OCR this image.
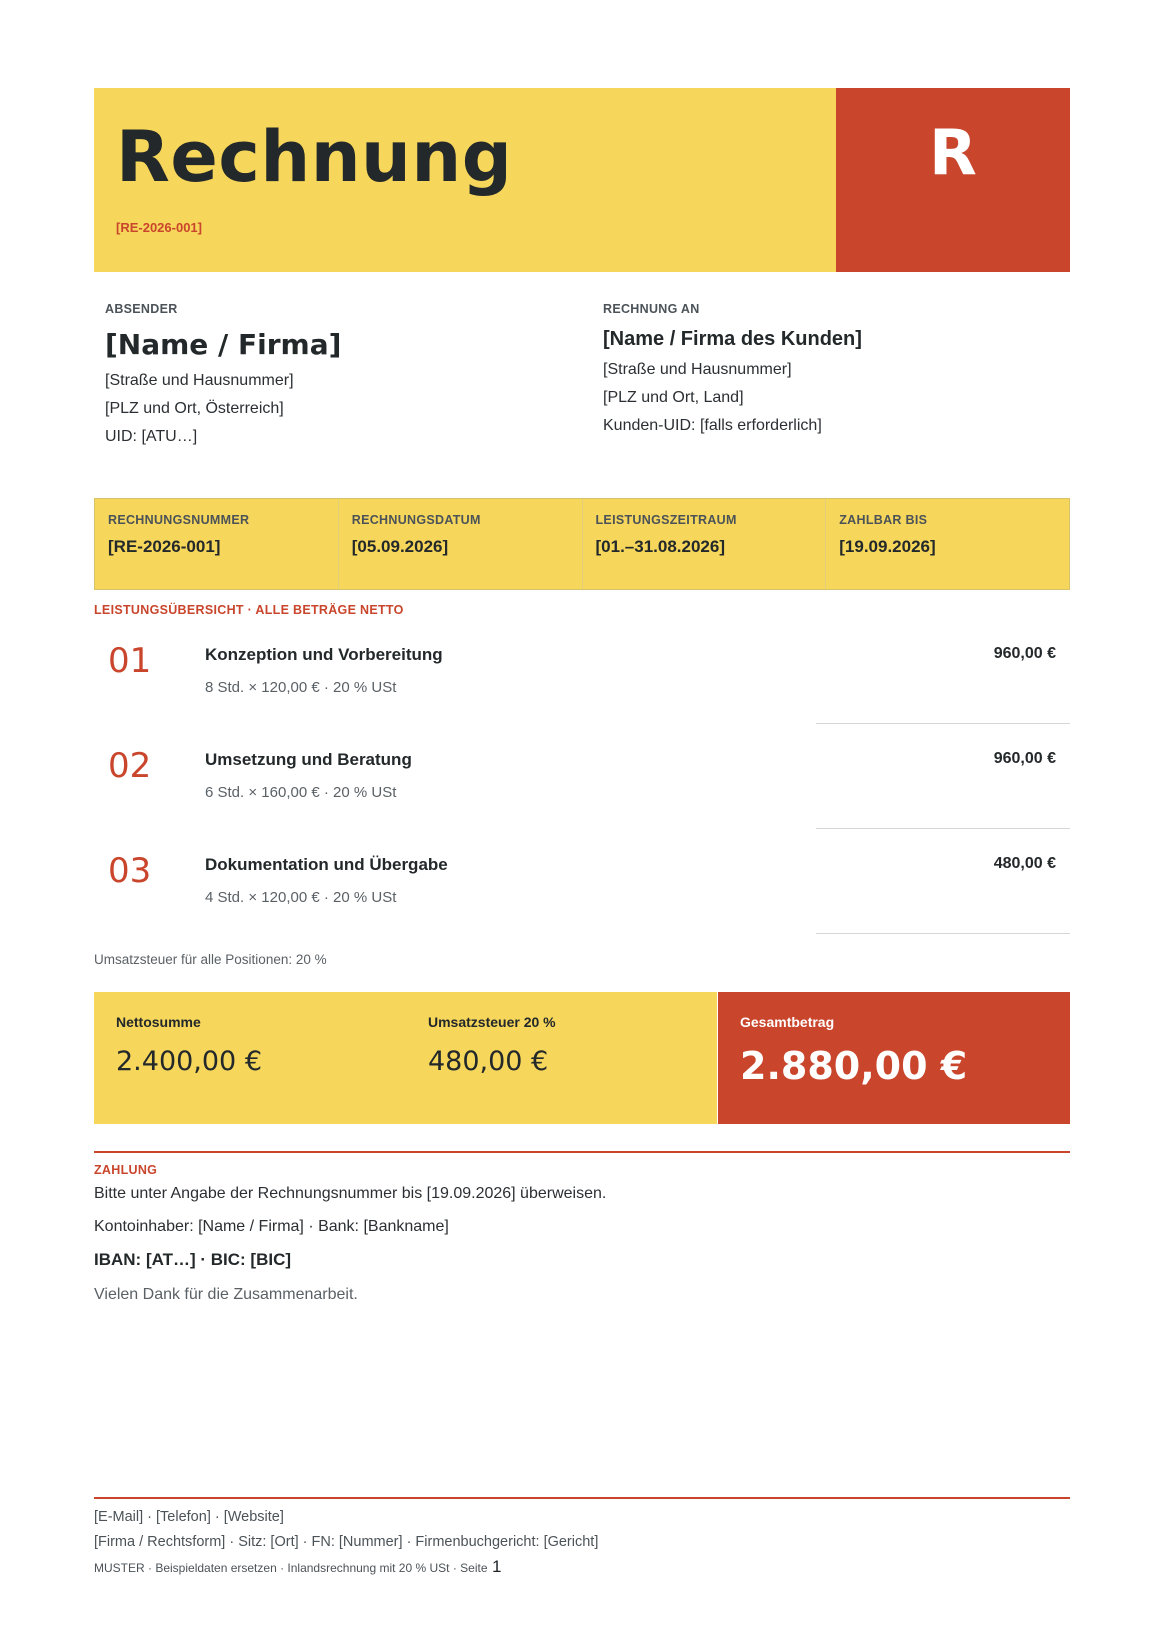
Rechnung
[RE-2026-001]
R
ABSENDER
[Name / Firma]
[Straße und Hausnummer]
[PLZ und Ort, Österreich]
UID: [ATU…]
RECHNUNG AN
[Name / Firma des Kunden]
[Straße und Hausnummer]
[PLZ und Ort, Land]
Kunden-UID: [falls erforderlich]
RECHNUNGSNUMMER
[RE-2026-001]
RECHNUNGSDATUM
[05.09.2026]
LEISTUNGSZEITRAUM
[01.–31.08.2026]
ZAHLBAR BIS
[19.09.2026]
LEISTUNGSÜBERSICHT · ALLE BETRÄGE NETTO
01	Konzeption und Vorbereitung
8 Std. × 120,00 € · 20 % USt
960,00 €
02	Umsetzung und Beratung
6 Std. × 160,00 € · 20 % USt
960,00 €
03	Dokumentation und Übergabe
4 Std. × 120,00 € · 20 % USt
480,00 €
Umsatzsteuer für alle Positionen: 20 %
Nettosumme
2.400,00 €
Umsatzsteuer 20 %
480,00 €
Gesamtbetrag
2.880,00 €
ZAHLUNG
Bitte unter Angabe der Rechnungsnummer bis [19.09.2026] überweisen.
Kontoinhaber: [Name / Firma] · Bank: [Bankname]
IBAN: [AT…] · BIC: [BIC]
Vielen Dank für die Zusammenarbeit.
[E-Mail] · [Telefon] · [Website]
[Firma / Rechtsform] · Sitz: [Ort] · FN: [Nummer] · Firmenbuchgericht: [Gericht]
MUSTER · Beispieldaten ersetzen · Inlandsrechnung mit 20 % USt · Seite 1
